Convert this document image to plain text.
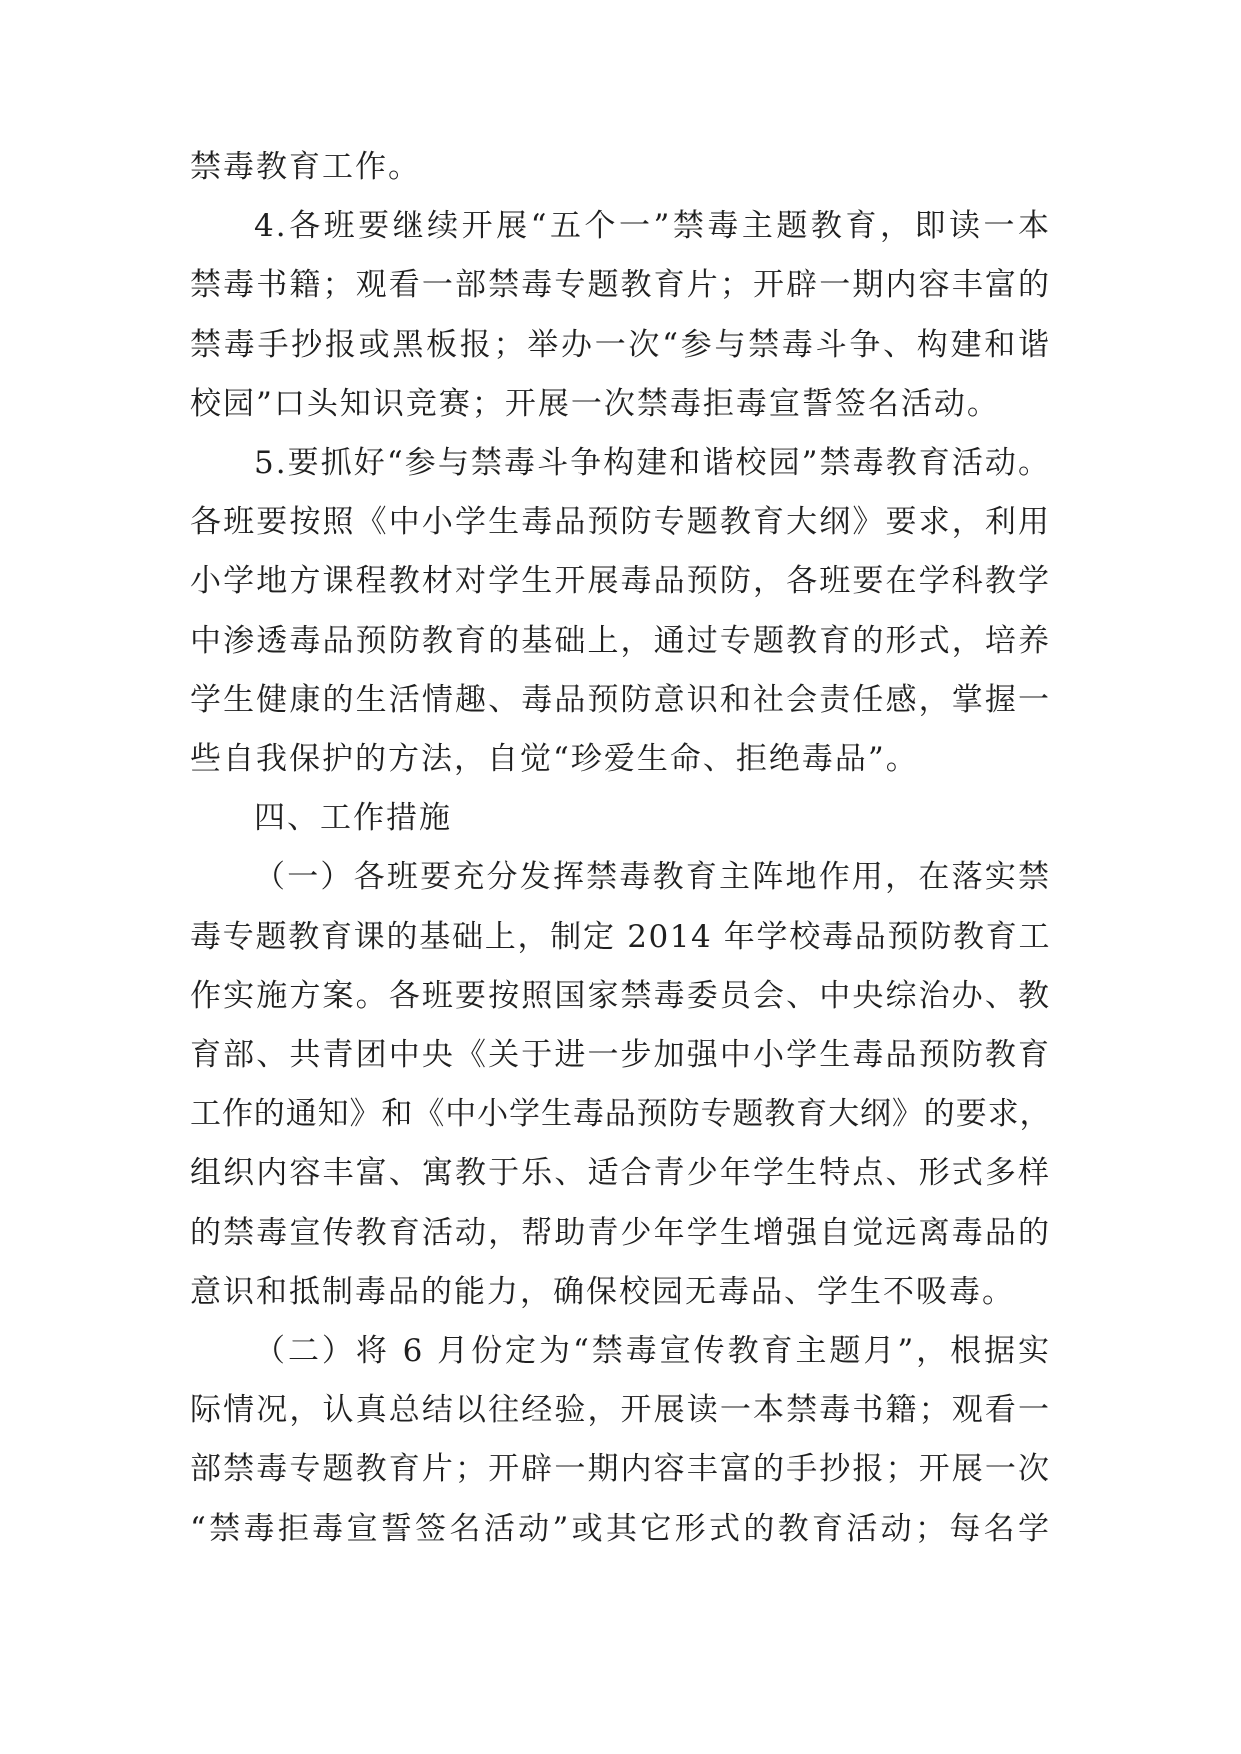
禁毒教育工作。
4.各班要继续开展“五个一”禁毒主题教育，即读一本
禁毒书籍；观看一部禁毒专题教育片；开辟一期内容丰富的
禁毒手抄报或黑板报；举办一次“参与禁毒斗争、构建和谐
校园”口头知识竞赛；开展一次禁毒拒毒宣誓签名活动。
5.要抓好“参与禁毒斗争构建和谐校园”禁毒教育活动。
各班要按照《中小学生毒品预防专题教育大纲》要求，利用
小学地方课程教材对学生开展毒品预防，各班要在学科教学
中渗透毒品预防教育的基础上，通过专题教育的形式，培养
学生健康的生活情趣、毒品预防意识和社会责任感，掌握一
些自我保护的方法，自觉“珍爱生命、拒绝毒品”。
四、工作措施
（一）各班要充分发挥禁毒教育主阵地作用，在落实禁
毒专题教育课的基础上，制定 2014 年学校毒品预防教育工
作实施方案。各班要按照国家禁毒委员会、中央综治办、教
育部、共青团中央《关于进一步加强中小学生毒品预防教育
工作的通知》和《中小学生毒品预防专题教育大纲》的要求，
组织内容丰富、寓教于乐、适合青少年学生特点、形式多样
的禁毒宣传教育活动，帮助青少年学生增强自觉远离毒品的
意识和抵制毒品的能力，确保校园无毒品、学生不吸毒。
（二）将 6 月份定为“禁毒宣传教育主题月”，根据实
际情况，认真总结以往经验，开展读一本禁毒书籍；观看一
部禁毒专题教育片；开辟一期内容丰富的手抄报；开展一次
“禁毒拒毒宣誓签名活动”或其它形式的教育活动；每名学
